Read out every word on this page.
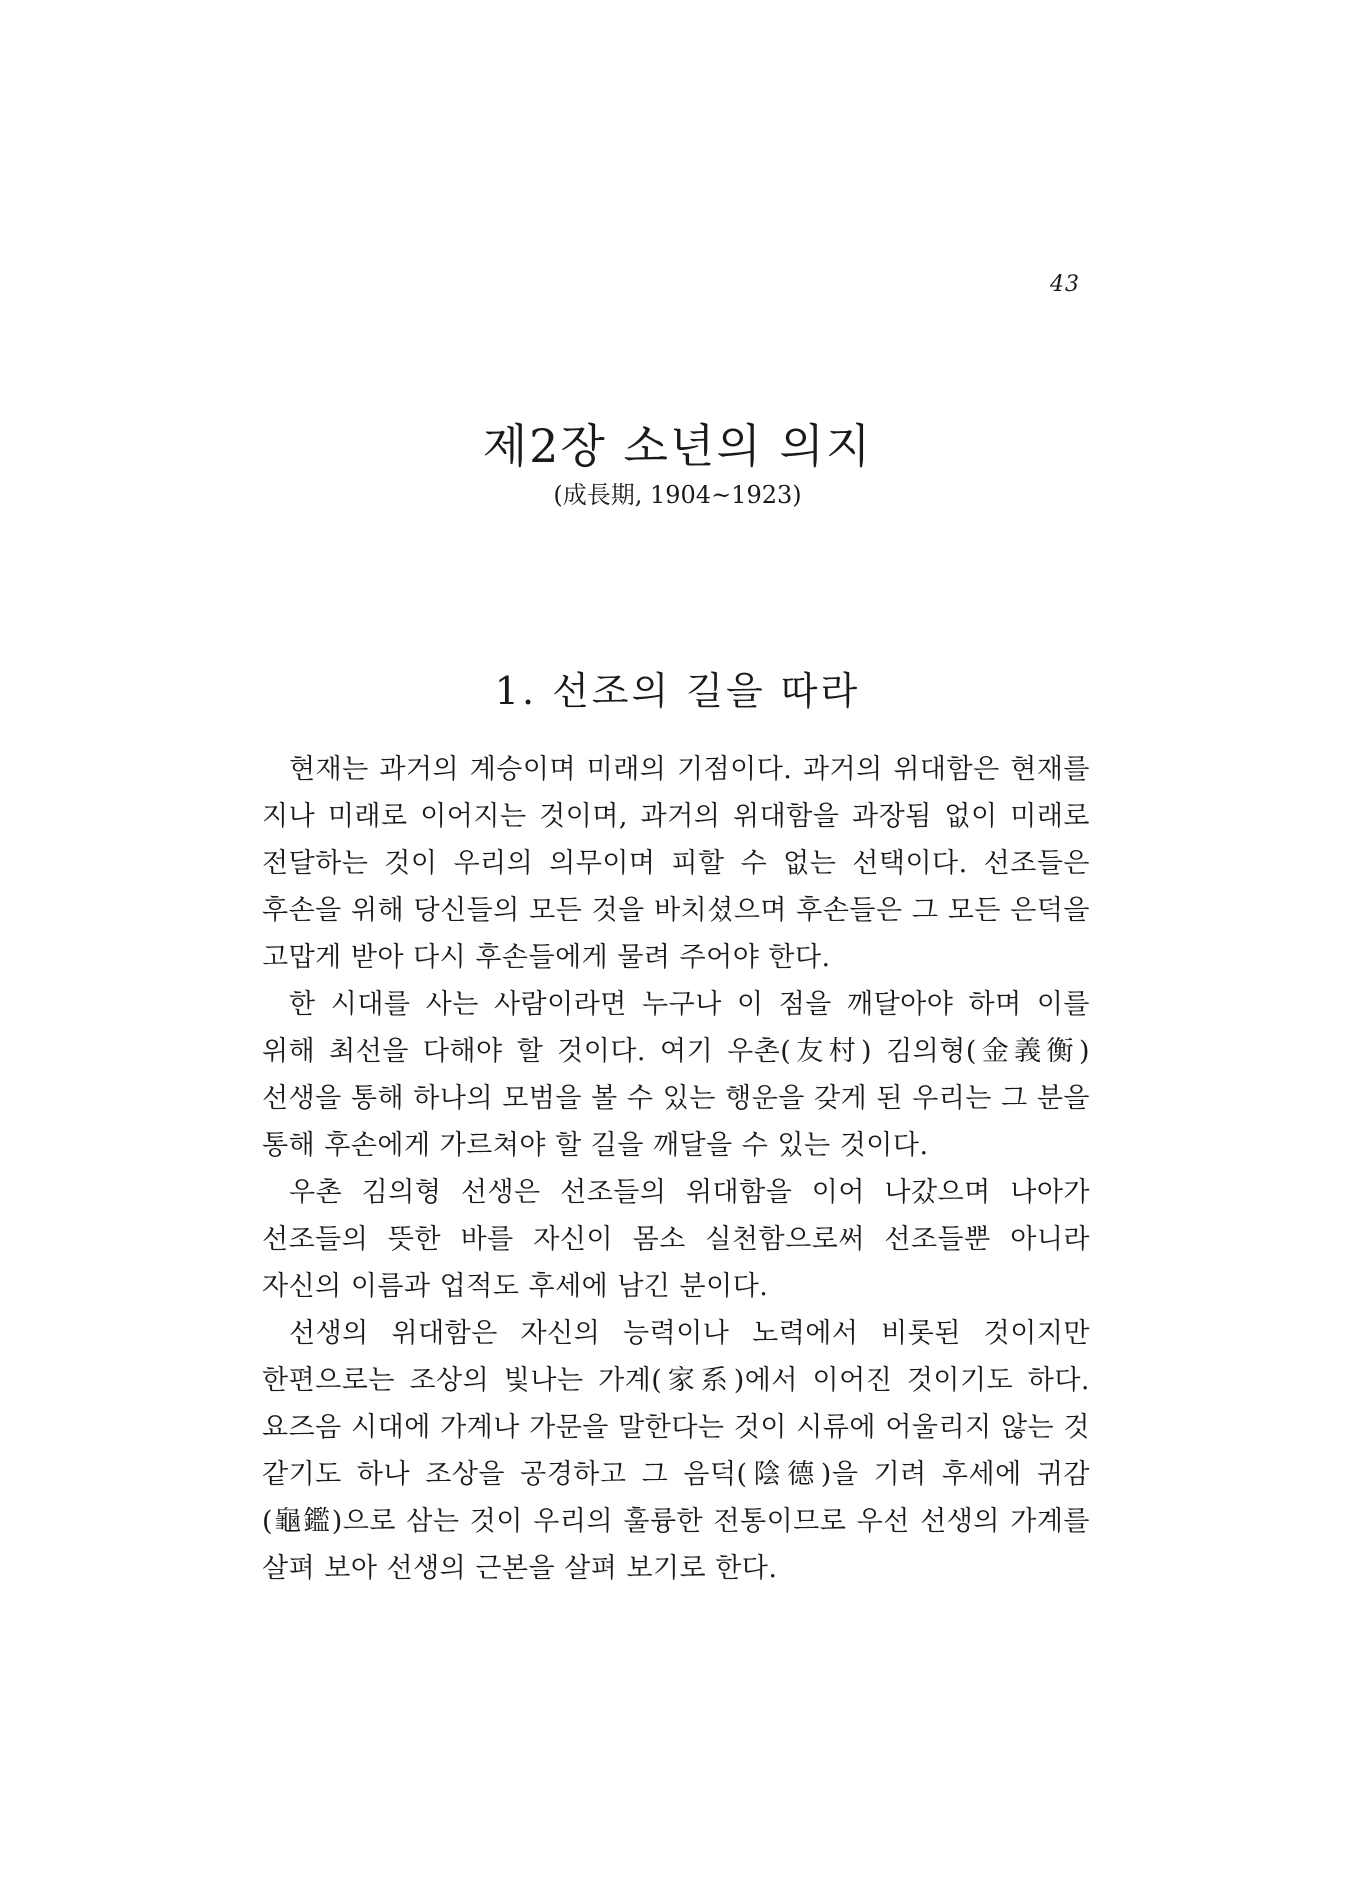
43
제2장 소년의 의지
(成長期, 1904~1923)
1. 선조의 길을 따라

현재는 과거의 계승이며 미래의 기점이다. 과거의 위대함은 현재를 지나 미래로 이어지는 것이며, 과거의 위대함을 과장됨 없이 미래로 전달하는 것이 우리의 의무이며 피할 수 없는 선택이다. 선조들은 후손을 위해 당신들의 모든 것을 바치셨으며 후손들은 그 모든 은덕을 고맙게 받아 다시 후손들에게 물려 주어야 한다.

한 시대를 사는 사람이라면 누구나 이 점을 깨달아야 하며 이를 위해 최선을 다해야 할 것이다. 여기 우촌(友村) 김의형(金義衡) 선생을 통해 하나의 모범을 볼 수 있는 행운을 갖게 된 우리는 그 분을 통해 후손에게 가르쳐야 할 길을 깨달을 수 있는 것이다.

우촌 김의형 선생은 선조들의 위대함을 이어 나갔으며 나아가 선조들의 뜻한 바를 자신이 몸소 실천함으로써 선조들뿐 아니라 자신의 이름과 업적도 후세에 남긴 분이다.

선생의 위대함은 자신의 능력이나 노력에서 비롯된 것이지만 한편으로는 조상의 빛나는 가계(家系)에서 이어진 것이기도 하다. 요즈음 시대에 가계나 가문을 말한다는 것이 시류에 어울리지 않는 것 같기도 하나 조상을 공경하고 그 음덕(陰德)을 기려 후세에 귀감(龜鑑)으로 삼는 것이 우리의 훌륭한 전통이므로 우선 선생의 가계를 살펴 보아 선생의 근본을 살펴 보기로 한다.
